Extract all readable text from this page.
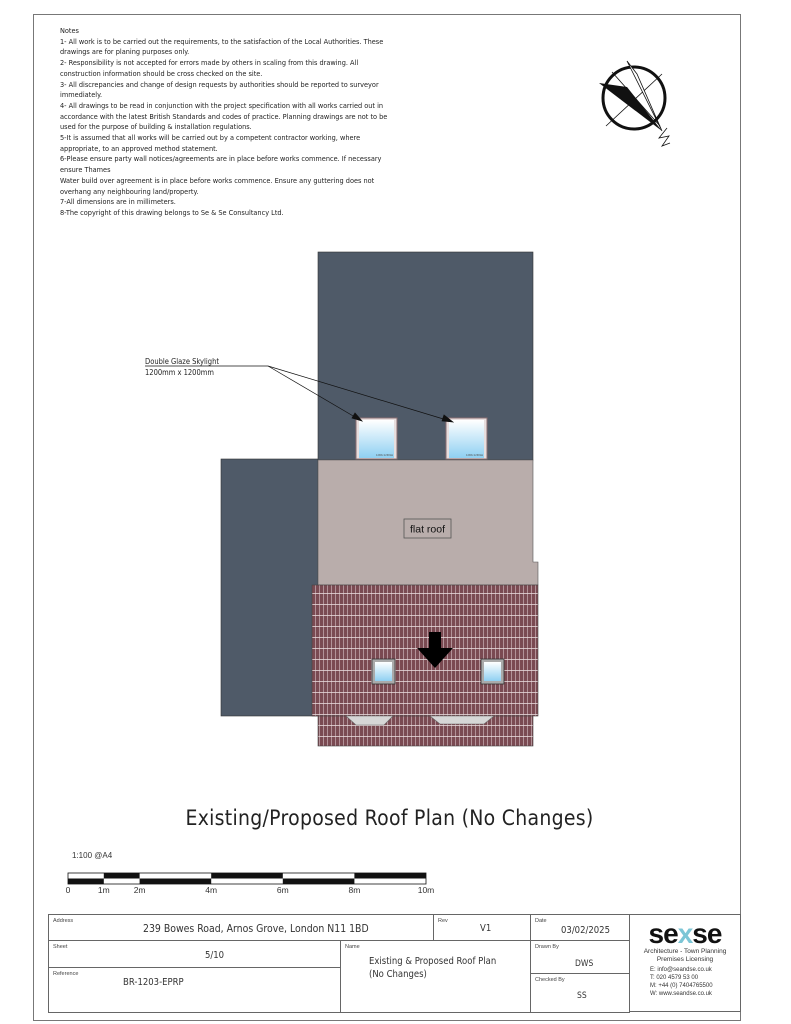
Notes
1- All work is to be carried out the requirements, to the satisfaction of the Local Authorities. These
drawings are for planing purposes only.
2- Responsibility is not accepted for errors made by others in scaling from this drawing. All
construction information should be cross checked on the site.
3- All discrepancies and change of design requests by authorities should be reported to surveyor
immediately.
4- All drawings to be read in conjunction with the project specification with all works carried out in
accordance with the latest British Standards and codes of practice. Planning drawings are not to be
used for the purpose of building & installation regulations.
5-It is assumed that all works will be carried out by a competent contractor working, where
appropriate, to an approved method statement.
6-Please ensure party wall notices/agreements are in place before works commence. If necessary
ensure Thames
Water build over agreement is in place before works commence. Ensure any guttering does not
overhang any neighbouring land/property.
7-All dimensions are in millimeters.
8-The copyright of this drawing belongs to Se & Se Consultancy Ltd.
1200x1200mm	1200x1200mm
flat roof
Double Glaze Skylight
1200mm x 1200mm
Existing/Proposed Roof Plan (No Changes)
1:100 @A4
0	1m	2m	4m	6m	8m	10m
Address
239 Bowes Road, Arnos Grove, London N11 1BD
Rev
V1
Date
03/02/2025
Sheet
5/10
Name
Existing & Proposed Roof Plan
(No Changes)
Drawn By
DWS
Reference
BR-1203-EPRP	Checked By
SS
sexse
Architecture - Town Planning
Premises Licensing
E: info@seandse.co.uk
T: 020 4579 53 00
M: +44 (0) 7404765500
W: www.seandse.co.uk
